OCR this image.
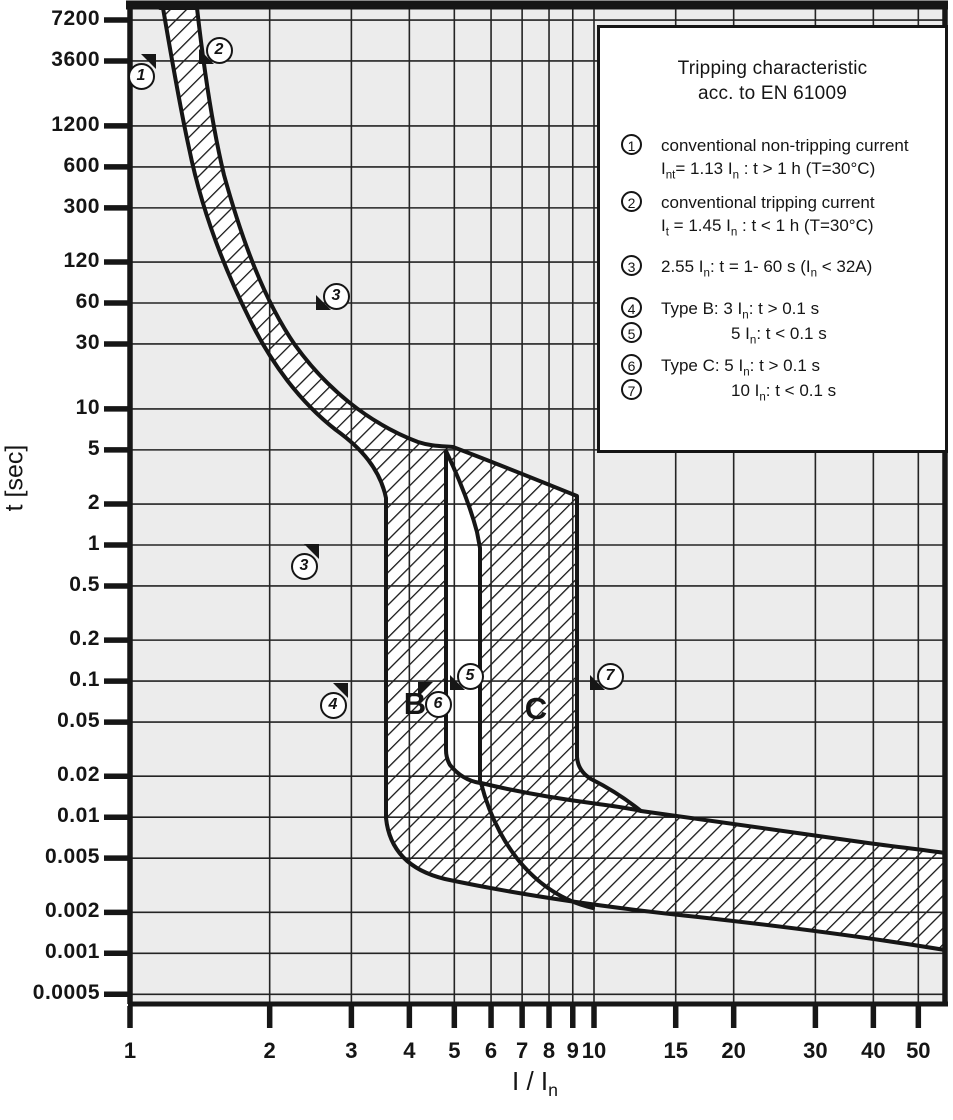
7200
3600
1200
600
300
120
60
30
10
5
2
1
0.5
0.2
0.1
0.05
0.02
0.01
0.005
0.002
0.001
0.0005
1	2	3	4	5	6 7 8 9 10	15	20	30	40 50
t [sec]
I / $I_n$
Tripping characteristic
acc. to EN 61009
1	conventional non-tripping current
$I_{nt}= 1.13$ $I_n$ : t > 1 h (T=30°C)
2	conventional tripping current
$I_t = 1.45$ $I_n$ : t < 1 h (T=30°C)
3	2.55 $I_n$: t = 1- 60 s $(I_n < 32A)$
4	Type B: 3 $I_n$: t > 0.1 s
5	5 $I_n$: t < 0.1 s
6	Type C: 5 $I_n$: t > 0.1 s
7	10 $I_n$: t < 0.1 s
1
2
3
3
4
5
6
7
B	C
